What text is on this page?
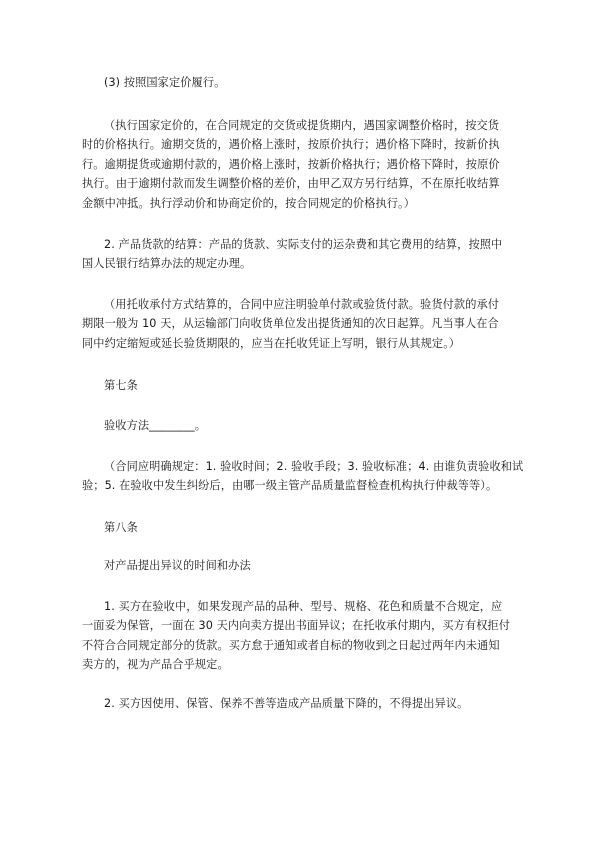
(3) 按照国家定价履行。

（执行国家定价的，在合同规定的交货或提货期内，遇国家调整价格时，按交货
时的价格执行。逾期交货的，遇价格上涨时，按原价执行；遇价格下降时，按新价执
行。逾期提货或逾期付款的，遇价格上涨时，按新价格执行；遇价格下降时，按原价
执行。由于逾期付款而发生调整价格的差价，由甲乙双方另行结算，不在原托收结算
金额中冲抵。执行浮动价和协商定价的，按合同规定的价格执行。）

2. 产品货款的结算：产品的货款、实际支付的运杂费和其它费用的结算，按照中
国人民银行结算办法的规定办理。

（用托收承付方式结算的，合同中应注明验单付款或验货付款。验货付款的承付
期限一般为 10 天，从运输部门向收货单位发出提货通知的次日起算。凡当事人在合
同中约定缩短或延长验货期限的，应当在托收凭证上写明，银行从其规定。）

第七条

验收方法________。

（合同应明确规定：1. 验收时间；2. 验收手段；3. 验收标准；4. 由谁负责验收和试
验；5. 在验收中发生纠纷后，由哪一级主管产品质量监督检查机构执行仲裁等等）。

第八条

对产品提出异议的时间和办法

1. 买方在验收中，如果发现产品的品种、型号、规格、花色和质量不合规定，应
一面妥为保管，一面在 30 天内向卖方提出书面异议；在托收承付期内，买方有权拒付
不符合合同规定部分的货款。买方怠于通知或者自标的物收到之日起过两年内未通知
卖方的，视为产品合乎规定。

2. 买方因使用、保管、保养不善等造成产品质量下降的，不得提出异议。
